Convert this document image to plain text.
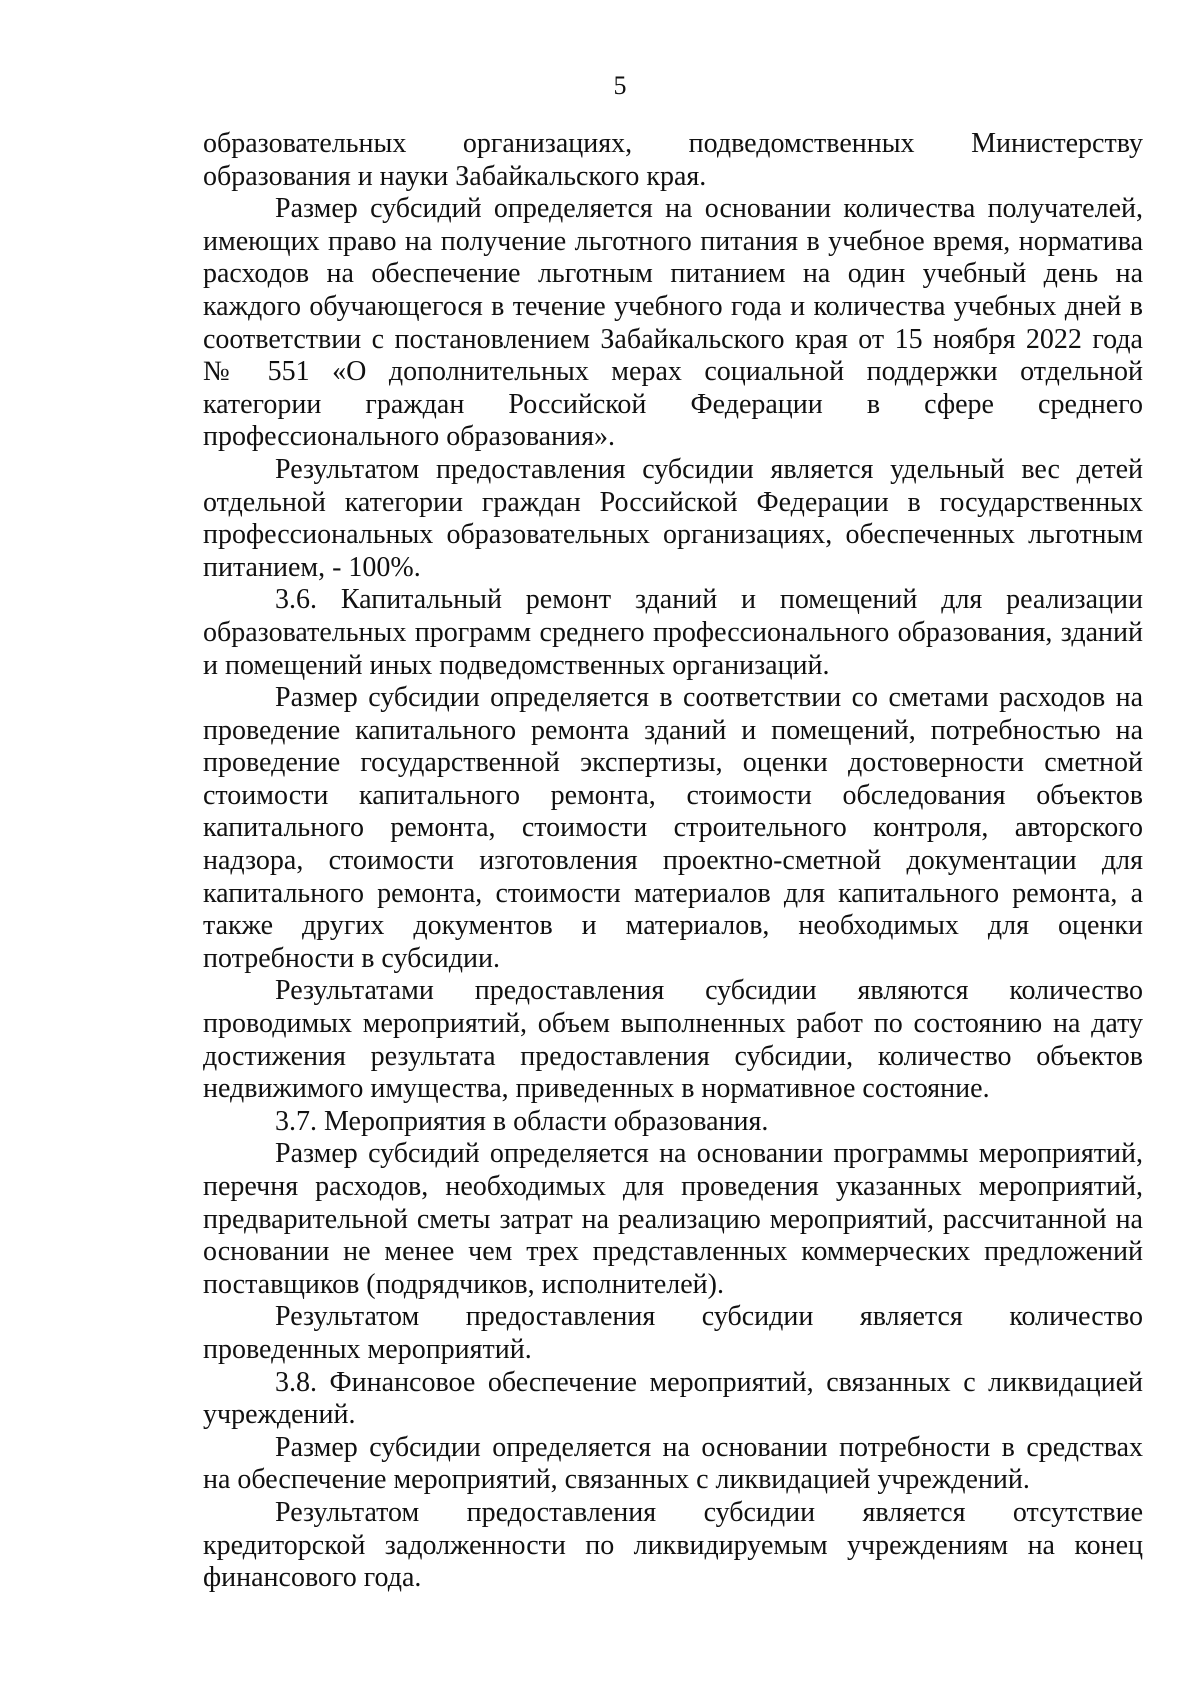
5

образовательных организациях, подведомственных Министерству образования и науки Забайкальского края.

Размер субсидий определяется на основании количества получателей, имеющих право на получение льготного питания в учебное время, норматива расходов на обеспечение льготным питанием на один учебный день на каждого обучающегося в течение учебного года и количества учебных дней в соответствии с постановлением Забайкальского края от 15 ноября 2022 года № 551 «О дополнительных мерах социальной поддержки отдельной категории граждан Российской Федерации в сфере среднего профессионального образования».

Результатом предоставления субсидии является удельный вес детей отдельной категории граждан Российской Федерации в государственных профессиональных образовательных организациях, обеспеченных льготным питанием, - 100%.

3.6. Капитальный ремонт зданий и помещений для реализации образовательных программ среднего профессионального образования, зданий и помещений иных подведомственных организаций.

Размер субсидии определяется в соответствии со сметами расходов на проведение капитального ремонта зданий и помещений, потребностью на проведение государственной экспертизы, оценки достоверности сметной стоимости капитального ремонта, стоимости обследования объектов капитального ремонта, стоимости строительного контроля, авторского надзора, стоимости изготовления проектно-сметной документации для капитального ремонта, стоимости материалов для капитального ремонта, а также других документов и материалов, необходимых для оценки потребности в субсидии.

Результатами предоставления субсидии являются количество проводимых мероприятий, объем выполненных работ по состоянию на дату достижения результата предоставления субсидии, количество объектов недвижимого имущества, приведенных в нормативное состояние.

3.7. Мероприятия в области образования.

Размер субсидий определяется на основании программы мероприятий, перечня расходов, необходимых для проведения указанных мероприятий, предварительной сметы затрат на реализацию мероприятий, рассчитанной на основании не менее чем трех представленных коммерческих предложений поставщиков (подрядчиков, исполнителей).

Результатом предоставления субсидии является количество проведенных мероприятий.

3.8. Финансовое обеспечение мероприятий, связанных с ликвидацией учреждений.

Размер субсидии определяется на основании потребности в средствах на обеспечение мероприятий, связанных с ликвидацией учреждений.

Результатом предоставления субсидии является отсутствие кредиторской задолженности по ликвидируемым учреждениям на конец финансового года.
